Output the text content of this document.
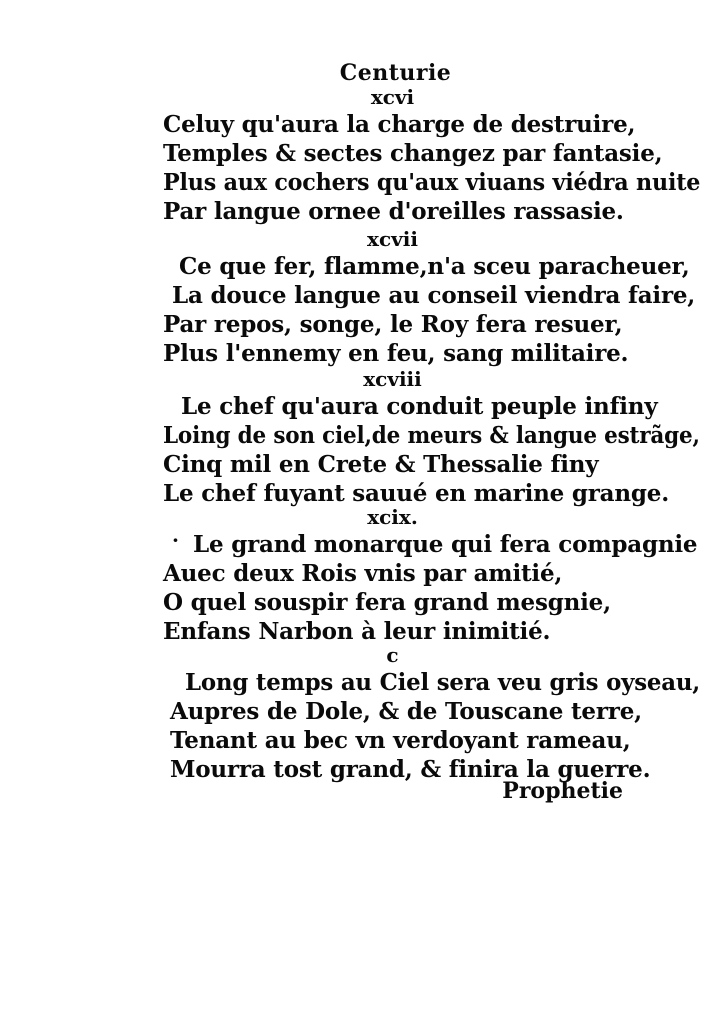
Centurie
xcvi
Celuy qu'aura la charge de destruire,
Temples & sectes changez par fantasie,
Plus aux cochers qu'aux viuans viédra nuite
Par langue ornee d'oreilles rassasie.
xcvii
Ce que fer, flamme,n'a sceu paracheuer,
La douce langue au conseil viendra faire,
Par repos, songe, le Roy fera resuer,
Plus l'ennemy en feu, sang militaire.
xcviii
Le chef qu'aura conduit peuple infiny
Loing de son ciel,de meurs & langue estrãge,
Cinq mil en Crete & Thessalie finy
Le chef fuyant sauué en marine grange.
xcix.
Le grand monarque qui fera compagnie
Auec deux Rois vnis par amitié,
O quel souspir fera grand mesgnie,
Enfans Narbon à leur inimitié.
c
Long temps au Ciel sera veu gris oyseau,
Aupres de Dole, & de Touscane terre,
Tenant au bec vn verdoyant rameau,
Mourra tost grand, & finira la guerre.
·
Prophetie
